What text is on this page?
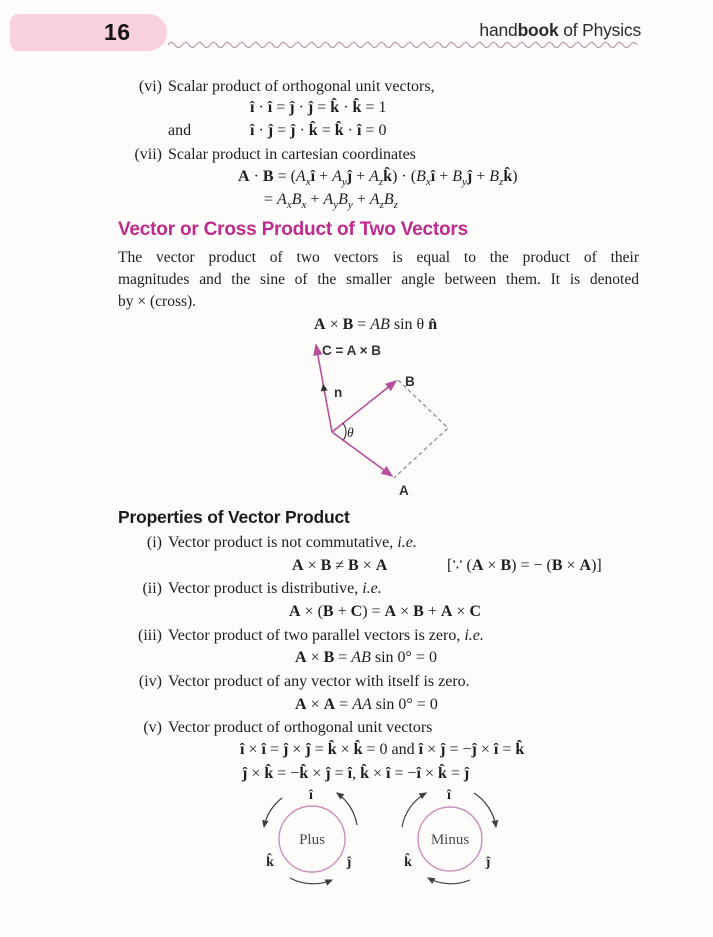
16	handbook of Physics
(vi) Scalar product of orthogonal unit vectors,
î · î = ĵ · ĵ = k̂ · k̂ = 1
and	î · ĵ = ĵ · k̂ = k̂ · î = 0
(vii) Scalar product in cartesian coordinates
$A \cdot B = (A_xî$ + $A_yĵ$ + $A_zk̂$) · ($B_xî$ + $B_yĵ$ + $B_zk̂$)
= $A_xB_x + A_yB_y + A_zB_z$
Vector or Cross Product of Two Vectors
The vector product of two vectors is equal to the product of their
magnitudes and the sine of the smaller angle between them. It is denoted
by × (cross).
A × B = AB sin θ n̂
C = A × B
n
B
A
θ
Properties of Vector Product
(i) Vector product is not commutative, i.e.
A × B ≠ B × A	[∵ (A × B) = − (B × A)]
(ii) Vector product is distributive, i.e.
A × (B + C) = A × B + A × C
(iii) Vector product of two parallel vectors is zero, i.e.
A × B = AB sin 0° = 0
(iv) Vector product of any vector with itself is zero.
A × A = AA sin 0° = 0
(v) Vector product of orthogonal unit vectors
î × î = ĵ × ĵ = k̂ × k̂ = 0 and î × ĵ = −ĵ × î = k̂
ĵ × k̂ = −k̂ × ĵ = î, k̂ × î = −î × k̂ = ĵ
Plus
î
k̂	ĵ
Minus
î
k̂	ĵ
